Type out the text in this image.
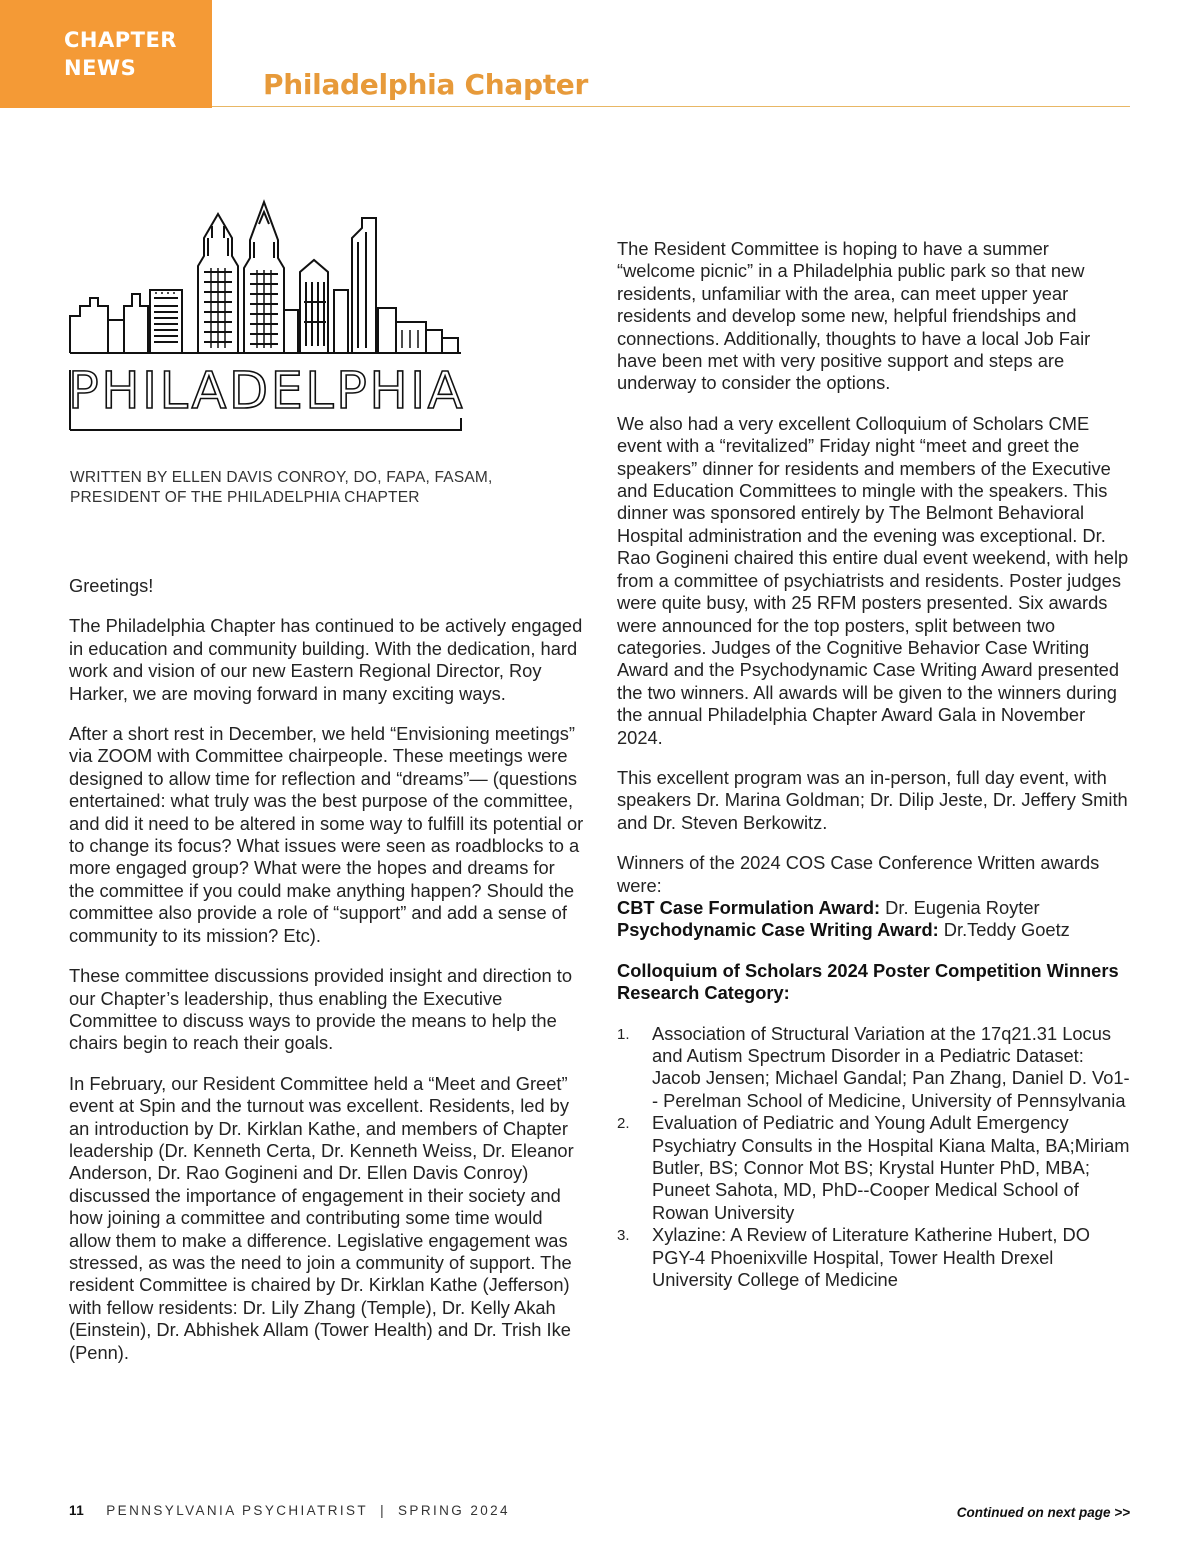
CHAPTER
NEWS	Philadelphia Chapter
PHILADELPHIA
WRITTEN BY ELLEN DAVIS CONROY, DO, FAPA, FASAM,
PRESIDENT OF THE PHILADELPHIA CHAPTER

Greetings!

The Philadelphia Chapter has continued to be actively engaged in education and community building. With the dedication, hard work and vision of our new Eastern Regional Director, Roy Harker, we are moving forward in many exciting ways.

After a short rest in December, we held “Envisioning meetings” via ZOOM with Committee chairpeople. These meetings were designed to allow time for reflection and “dreams”— (questions entertained: what truly was the best purpose of the committee, and did it need to be altered in some way to fulfill its potential or to change its focus? What issues were seen as roadblocks to a more engaged group? What were the hopes and dreams for the committee if you could make anything happen? Should the committee also provide a role of “support” and add a sense of community to its mission? Etc).

These committee discussions provided insight and direction to our Chapter’s leadership, thus enabling the Executive Committee to discuss ways to provide the means to help the chairs begin to reach their goals.

In February, our Resident Committee held a “Meet and Greet” event at Spin and the turnout was excellent. Residents, led by an introduction by Dr. Kirklan Kathe, and members of Chapter leadership (Dr. Kenneth Certa, Dr. Kenneth Weiss, Dr. Eleanor Anderson, Dr. Rao Gogineni and Dr. Ellen Davis Conroy) discussed the importance of engagement in their society and how joining a committee and contributing some time would allow them to make a difference. Legislative engagement was stressed, as was the need to join a community of support. The resident Committee is chaired by Dr. Kirklan Kathe (Jefferson) with fellow residents: Dr. Lily Zhang (Temple), Dr. Kelly Akah (Einstein), Dr. Abhishek Allam (Tower Health) and Dr. Trish Ike (Penn).

The Resident Committee is hoping to have a summer “welcome picnic” in a Philadelphia public park so that new residents, unfamiliar with the area, can meet upper year residents and develop some new, helpful friendships and connections. Additionally, thoughts to have a local Job Fair have been met with very positive support and steps are underway to consider the options.

We also had a very excellent Colloquium of Scholars CME event with a “revitalized” Friday night “meet and greet the speakers” dinner for residents and members of the Executive and Education Committees to mingle with the speakers. This dinner was sponsored entirely by The Belmont Behavioral Hospital administration and the evening was exceptional. Dr. Rao Gogineni chaired this entire dual event weekend, with help from a committee of psychiatrists and residents. Poster judges were quite busy, with 25 RFM posters presented. Six awards were announced for the top posters, split between two categories. Judges of the Cognitive Behavior Case Writing Award and the Psychodynamic Case Writing Award presented the two winners. All awards will be given to the winners during the annual Philadelphia Chapter Award Gala in November 2024.

This excellent program was an in-person, full day event, with speakers Dr. Marina Goldman; Dr. Dilip Jeste, Dr. Jeffery Smith and Dr. Steven Berkowitz.

Winners of the 2024 COS Case Conference Written awards were:
CBT Case Formulation Award: Dr. Eugenia Royter
Psychodynamic Case Writing Award: Dr.Teddy Goetz

Colloquium of Scholars 2024 Poster Competition Winners
Research Category:

1. Association of Structural Variation at the 17q21.31 Locus and Autism Spectrum Disorder in a Pediatric Dataset: Jacob Jensen; Michael Gandal; Pan Zhang, Daniel D. Vo1-- Perelman School of Medicine, University of Pennsylvania
2. Evaluation of Pediatric and Young Adult Emergency Psychiatry Consults in the Hospital Kiana Malta, BA;Miriam Butler, BS; Connor Mot BS; Krystal Hunter PhD, MBA; Puneet Sahota, MD, PhD--Cooper Medical School of Rowan University
3. Xylazine: A Review of Literature Katherine Hubert, DO PGY-4 Phoenixville Hospital, Tower Health Drexel University College of Medicine
11 PENNSYLVANIA PSYCHIATRIST | SPRING 2024	Continued on next page >>
